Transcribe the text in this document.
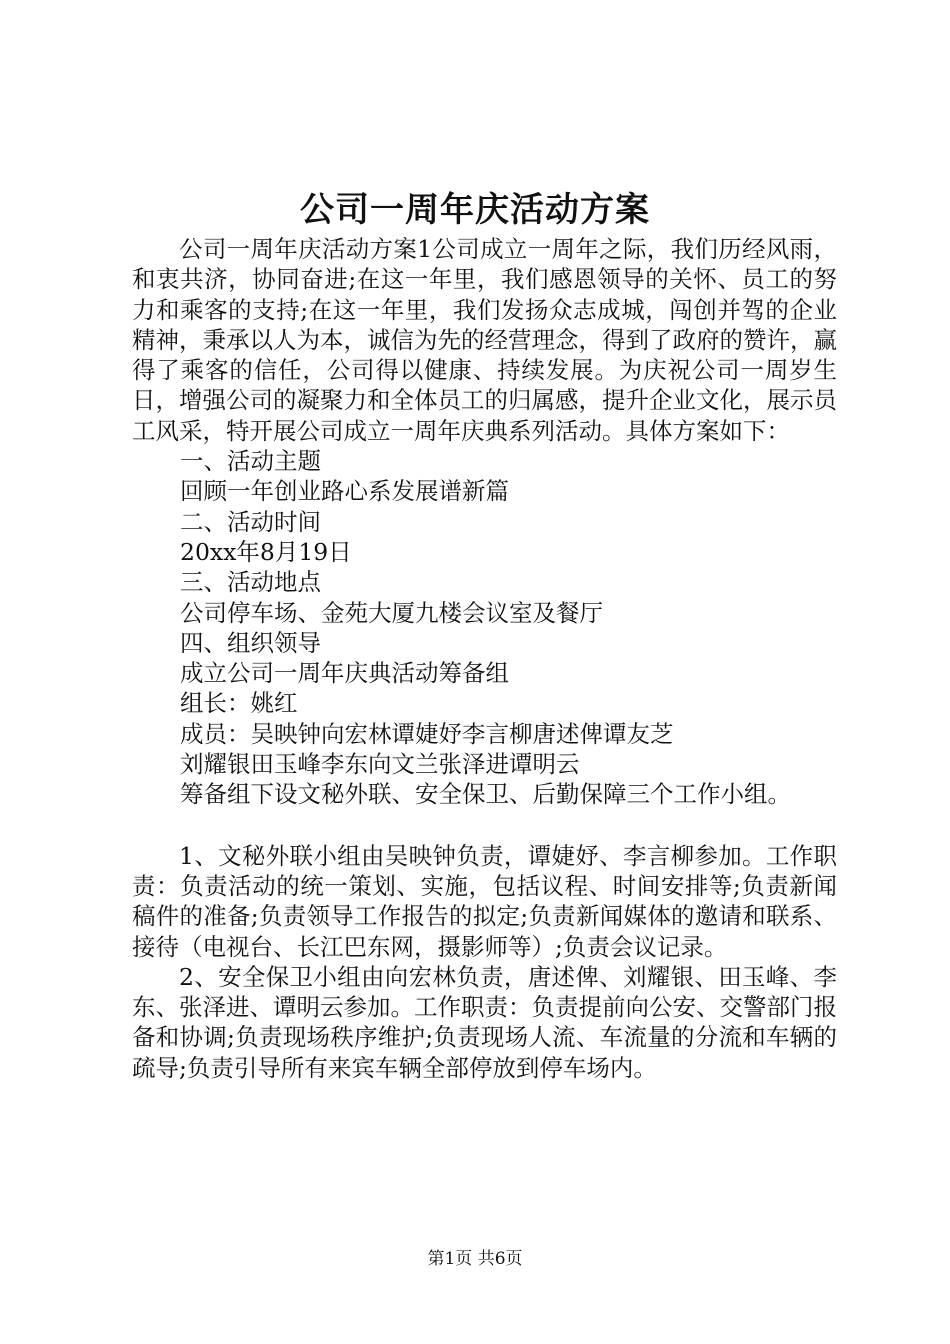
公司一周年庆活动方案

公司一周年庆活动方案1公司成立一周年之际，我们历经风雨，和衷共济，协同奋进;在这一年里，我们感恩领导的关怀、员工的努力和乘客的支持;在这一年里，我们发扬众志成城，闯创并驾的企业精神，秉承以人为本，诚信为先的经营理念，得到了政府的赞许，赢得了乘客的信任，公司得以健康、持续发展。为庆祝公司一周岁生日，增强公司的凝聚力和全体员工的归属感，提升企业文化，展示员工风采，特开展公司成立一周年庆典系列活动。具体方案如下：

一、活动主题

回顾一年创业路心系发展谱新篇

二、活动时间

20xx年8月19日

三、活动地点

公司停车场、金苑大厦九楼会议室及餐厅

四、组织领导

成立公司一周年庆典活动筹备组

组长：姚红

成员：吴映钟向宏林谭婕妤李言柳唐述俾谭友芝

刘耀银田玉峰李东向文兰张泽进谭明云

筹备组下设文秘外联、安全保卫、后勤保障三个工作小组。

1、文秘外联小组由吴映钟负责，谭婕妤、李言柳参加。工作职责：负责活动的统一策划、实施，包括议程、时间安排等;负责新闻稿件的准备;负责领导工作报告的拟定;负责新闻媒体的邀请和联系、接待（电视台、长江巴东网，摄影师等）;负责会议记录。

2、安全保卫小组由向宏林负责，唐述俾、刘耀银、田玉峰、李东、张泽进、谭明云参加。工作职责：负责提前向公安、交警部门报备和协调;负责现场秩序维护;负责现场人流、车流量的分流和车辆的疏导;负责引导所有来宾车辆全部停放到停车场内。

第1页 共6页
